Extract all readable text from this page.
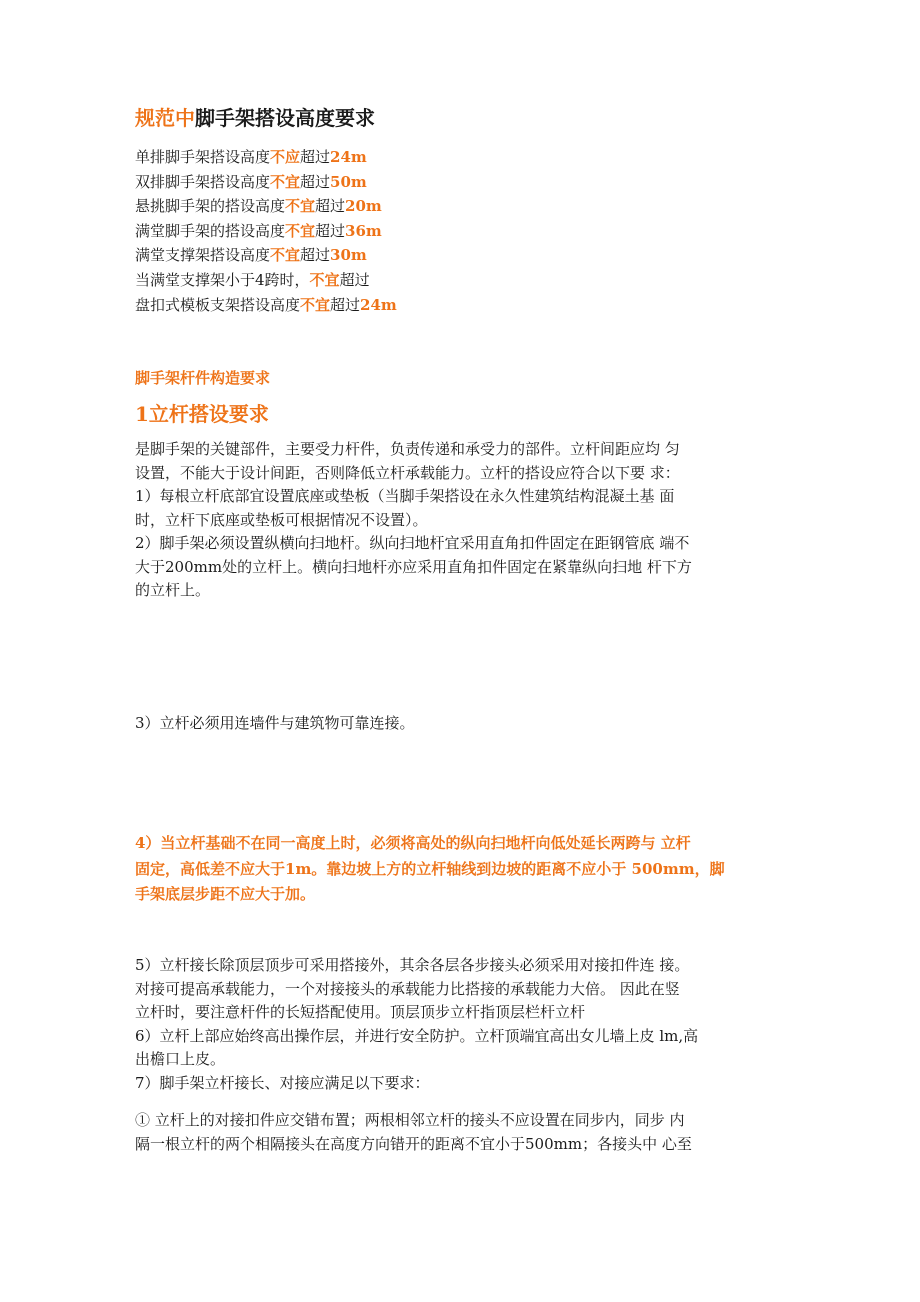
规范中脚手架搭设高度要求
单排脚手架搭设高度不应超过24m
双排脚手架搭设高度不宜超过50m
悬挑脚手架的搭设高度不宜超过20m
满堂脚手架的搭设高度不宜超过36m
满堂支撑架搭设高度不宜超过30m
当满堂支撑架小于4跨时，不宜超过
盘扣式模板支架搭设高度不宜超过24m
脚手架杆件构造要求
1立杆搭设要求
是脚手架的关键部件，主要受力杆件，负责传递和承受力的部件。立杆间距应均 匀
设置，不能大于设计间距，否则降低立杆承载能力。立杆的搭设应符合以下要 求：
1）每根立杆底部宜设置底座或垫板（当脚手架搭设在永久性建筑结构混凝土基 面
时，立杆下底座或垫板可根据情况不设置）。
2）脚手架必须设置纵横向扫地杆。纵向扫地杆宜采用直角扣件固定在距钢管底 端不
大于200mm处的立杆上。横向扫地杆亦应采用直角扣件固定在紧靠纵向扫地 杆下方
的立杆上。
3）立杆必须用连墙件与建筑物可靠连接。
4）当立杆基础不在同一高度上时，必须将高处的纵向扫地杆向低处延长两跨与 立杆
固定，高低差不应大于1m。靠边坡上方的立杆轴线到边坡的距离不应小于 500mm，脚
手架底层步距不应大于加。
5）立杆接长除顶层顶步可采用搭接外，其余各层各步接头必须采用对接扣件连 接。
对接可提高承载能力，一个对接接头的承载能力比搭接的承载能力大倍。 因此在竖
立杆时，要注意杆件的长短搭配使用。顶层顶步立杆指顶层栏杆立杆
6）立杆上部应始终高出操作层，并进行安全防护。立杆顶端宜高出女儿墙上皮 lm,高
出檐口上皮。
7）脚手架立杆接长、对接应满足以下要求：
① 立杆上的对接扣件应交错布置；两根相邻立杆的接头不应设置在同步内，同步 内
隔一根立杆的两个相隔接头在高度方向错开的距离不宜小于500mm；各接头中 心至
